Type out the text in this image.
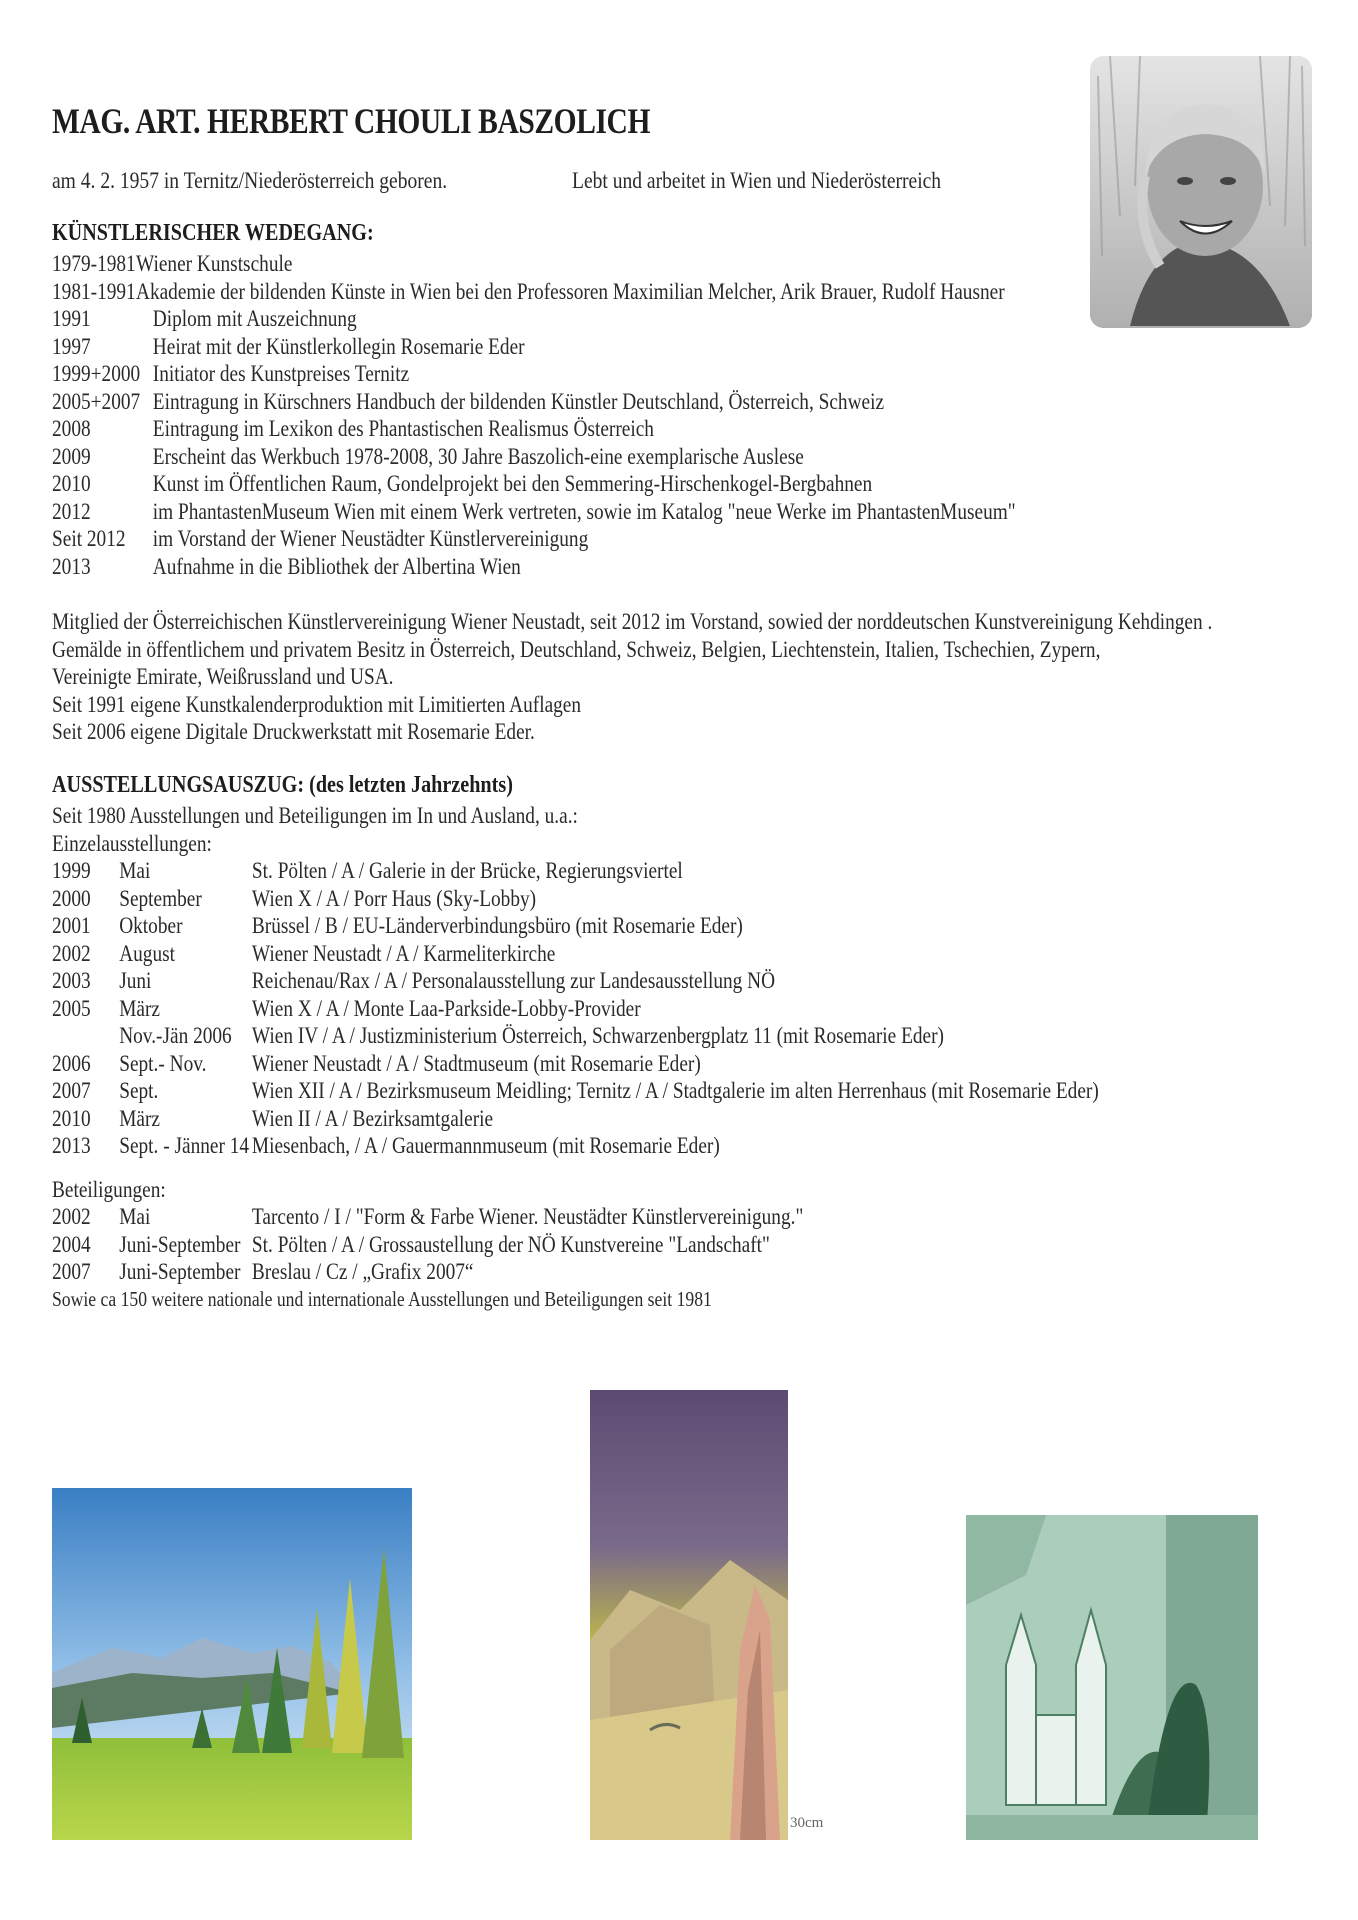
MAG. ART. HERBERT CHOULI BASZOLICH
am 4. 2. 1957 in Ternitz/Niederösterreich geboren.	Lebt und arbeitet in Wien und Niederösterreich
KÜNSTLERISCHER WEDEGANG:
1979-1981 Wiener Kunstschule
1981-1991 Akademie der bildenden Künste in Wien bei den Professoren Maximilian Melcher, Arik Brauer, Rudolf Hausner
1991	Diplom mit Auszeichnung
1997	Heirat mit der Künstlerkollegin Rosemarie Eder
1999+2000 Initiator des Kunstpreises Ternitz
2005+2007 Eintragung in Kürschners Handbuch der bildenden Künstler Deutschland, Österreich, Schweiz
2008	Eintragung im Lexikon des Phantastischen Realismus Österreich
2009	Erscheint das Werkbuch 1978-2008, 30 Jahre Baszolich-eine exemplarische Auslese
2010	Kunst im Öffentlichen Raum, Gondelprojekt bei den Semmering-Hirschenkogel-Bergbahnen
2012	im PhantastenMuseum Wien mit einem Werk vertreten, sowie im Katalog "neue Werke im PhantastenMuseum"
Seit 2012 im Vorstand der Wiener Neustädter Künstlervereinigung
2013	Aufnahme in die Bibliothek der Albertina Wien
Mitglied der Österreichischen Künstlervereinigung Wiener Neustadt, seit 2012 im Vorstand, sowied der norddeutschen Kunstvereinigung Kehdingen .
Gemälde in öffentlichem und privatem Besitz in Österreich, Deutschland, Schweiz, Belgien, Liechtenstein, Italien, Tschechien, Zypern,
Vereinigte Emirate, Weißrussland und USA.
Seit 1991 eigene Kunstkalenderproduktion mit Limitierten Auflagen
Seit 2006 eigene Digitale Druckwerkstatt mit Rosemarie Eder.
AUSSTELLUNGSAUSZUG: (des letzten Jahrzehnts)
Seit 1980 Ausstellungen und Beteiligungen im In und Ausland, u.a.:
Einzelausstellungen:
1999 Mai	St. Pölten / A / Galerie in der Brücke, Regierungsviertel
2000 September Wien X / A / Porr Haus (Sky-Lobby)
2001 Oktober	Brüssel / B / EU-Länderverbindungsbüro (mit Rosemarie Eder)
2002 August	Wiener Neustadt / A / Karmeliterkirche
2003 Juni	Reichenau/Rax / A / Personalausstellung zur Landesausstellung NÖ
2005 März	Wien X / A / Monte Laa-Parkside-Lobby-Provider
Nov.-Jän 2006 Wien IV / A / Justizministerium Österreich, Schwarzenbergplatz 11 (mit Rosemarie Eder)
2006 Sept.- Nov. Wiener Neustadt / A / Stadtmuseum (mit Rosemarie Eder)
2007 Sept.	Wien XII / A / Bezirksmuseum Meidling; Ternitz / A / Stadtgalerie im alten Herrenhaus (mit Rosemarie Eder)
2010 März	Wien II / A / Bezirksamtgalerie
2013 Sept. - Jänner 14 Miesenbach, / A / Gauermannmuseum (mit Rosemarie Eder)
Beteiligungen:
2002 Mai	Tarcento / I / "Form & Farbe Wiener. Neustädter Künstlervereinigung."
2004 Juni-September St. Pölten / A / Grossaustellung der NÖ Kunstvereine "Landschaft"
2007 Juni-September Breslau / Cz / „Grafix 2007“
Sowie ca 150 weitere nationale und internationale Ausstellungen und Beteiligungen seit 1981
30cm
